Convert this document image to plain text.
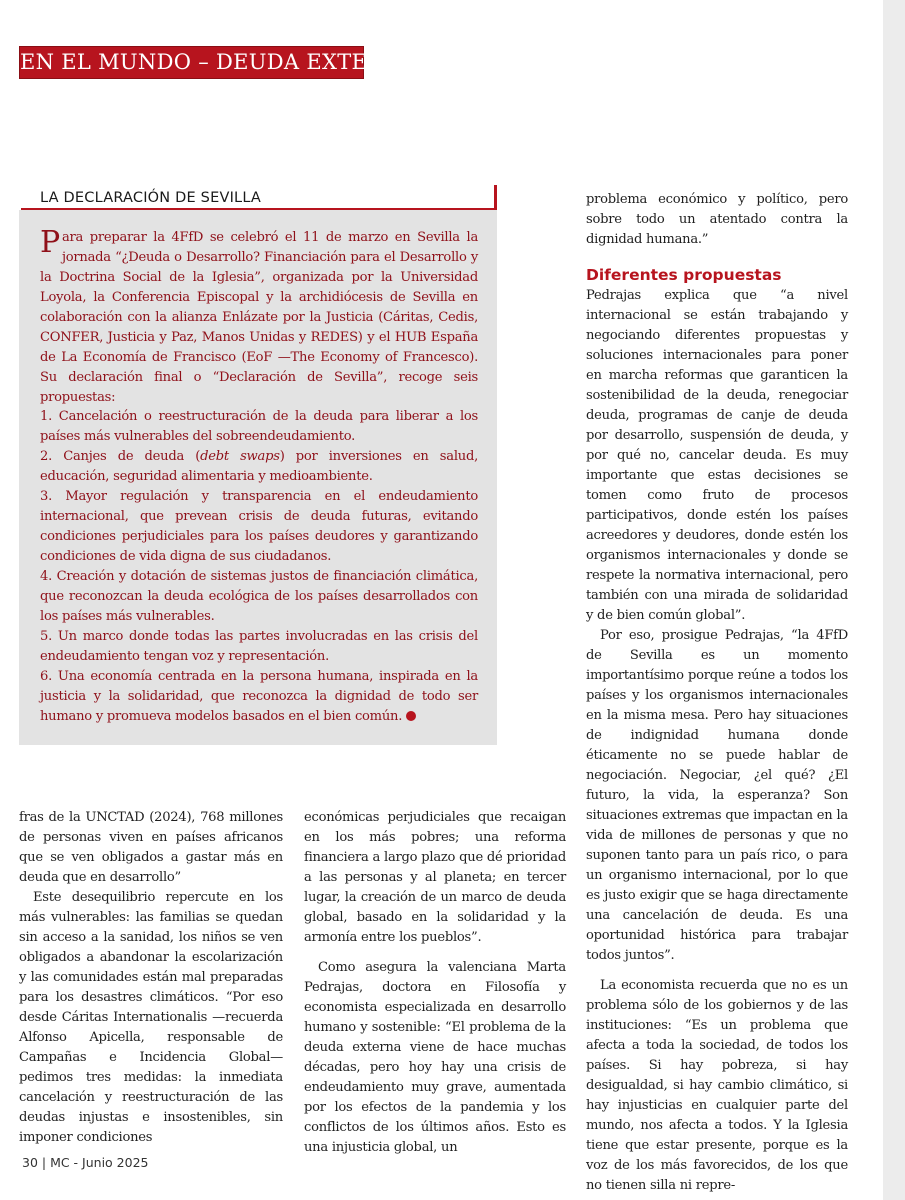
EN EL MUNDO – DEUDA EXTERNA
LA DECLARACIÓN DE SEVILLA
Para preparar la 4FfD se celebró el 11 de marzo en Sevilla la jornada “¿Deuda o Desarrollo? Financiación para el Desarrollo y la Doctrina Social de la Iglesia”, organizada por la Universidad Loyola, la Conferencia Episcopal y la archidiócesis de Sevilla en colaboración con la alianza Enlázate por la Justicia (Cáritas, Cedis, CONFER, Justicia y Paz, Manos Unidas y REDES) y el HUB España de La Economía de Francisco (EoF —The Economy of Francesco). Su declaración final o “Declaración de Sevilla”, recoge seis propuestas:
1. Cancelación o reestructuración de la deuda para liberar a los países más vulnerables del sobreendeudamiento.
2. Canjes de deuda (debt swaps) por inversiones en salud, educación, seguridad alimentaria y medioambiente.
3. Mayor regulación y transparencia en el endeudamiento internacional, que prevean crisis de deuda futuras, evitando condiciones perjudiciales para los países deudores y garantizando condiciones de vida digna de sus ciudadanos.
4. Creación y dotación de sistemas justos de financiación climática, que reconozcan la deuda ecológica de los países desarrollados con los países más vulnerables.
5. Un marco donde todas las partes involucradas en las crisis del endeudamiento tengan voz y representación.
6. Una economía centrada en la persona humana, inspirada en la justicia y la solidaridad, que reconozca la dignidad de todo ser humano y promueva modelos basados en el bien común.

fras de la UNCTAD (2024), 768 millones de personas viven en países africanos que se ven obligados a gastar más en deuda que en desarrollo”

Este desequilibrio repercute en los más vulnerables: las familias se quedan sin acceso a la sanidad, los niños se ven obligados a abandonar la escolarización y las comunidades están mal preparadas para los desastres climáticos. “Por eso desde Cáritas Internationalis —recuerda Alfonso Apicella, responsable de Campañas e Incidencia Global— pedimos tres medidas: la inmediata cancelación y reestructuración de las deudas injustas e insostenibles, sin imponer condiciones

económicas perjudiciales que recaigan en los más pobres; una reforma financiera a largo plazo que dé prioridad a las personas y al planeta; en tercer lugar, la creación de un marco de deuda global, basado en la solidaridad y la armonía entre los pueblos”.

Como asegura la valenciana Marta Pedrajas, doctora en Filosofía y economista especializada en desarrollo humano y sostenible: “El problema de la deuda externa viene de hace muchas décadas, pero hoy hay una crisis de endeudamiento muy grave, aumentada por los efectos de la pandemia y los conflictos de los últimos años. Esto es una injusticia global, un

problema económico y político, pero sobre todo un atentado contra la dignidad humana.”

Diferentes propuestas

Pedrajas explica que “a nivel internacional se están trabajando y negociando diferentes propuestas y soluciones internacionales para poner en marcha reformas que garanticen la sostenibilidad de la deuda, renegociar deuda, programas de canje de deuda por desarrollo, suspensión de deuda, y por qué no, cancelar deuda. Es muy importante que estas decisiones se tomen como fruto de procesos participativos, donde estén los países acreedores y deudores, donde estén los organismos internacionales y donde se respete la normativa internacional, pero también con una mirada de solidaridad y de bien común global”.

Por eso, prosigue Pedrajas, “la 4FfD de Sevilla es un momento importantísimo porque reúne a todos los países y los organismos internacionales en la misma mesa. Pero hay situaciones de indignidad humana donde éticamente no se puede hablar de negociación. Negociar, ¿el qué? ¿El futuro, la vida, la esperanza? Son situaciones extremas que impactan en la vida de millones de personas y que no suponen tanto para un país rico, o para un organismo internacional, por lo que es justo exigir que se haga directamente una cancelación de deuda. Es una oportunidad histórica para trabajar todos juntos”.

La economista recuerda que no es un problema sólo de los gobiernos y de las instituciones: “Es un problema que afecta a toda la sociedad, de todos los países. Si hay pobreza, si hay desigualdad, si hay cambio climático, si hay injusticias en cualquier parte del mundo, nos afecta a todos. Y la Iglesia tiene que estar presente, porque es la voz de los más favorecidos, de los que no tienen silla ni repre-

30 | MC - Junio 2025
